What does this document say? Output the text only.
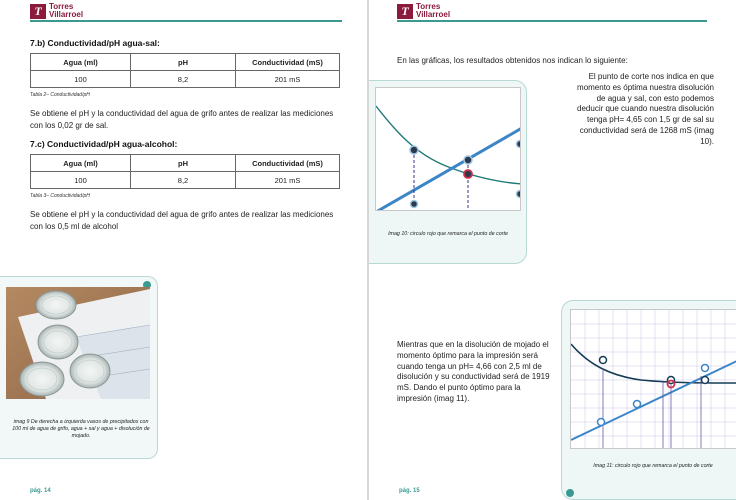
T Torres
Villarroel
7.b) Conductividad/pH agua-sal:
Agua (ml)	pH	Conductividad (mS)
100	8,2	201 mS
Tabla 2– Conductividad/pH
Se obtiene el pH y la conductividad del agua de grifo antes de realizar las mediciones con los 0,02 gr de sal.
7.c) Conductividad/pH agua-alcohol:
Agua (ml)	pH	Conductividad (mS)
100	8,2	201 mS
Tabla 3– Conductividad/pH
Se obtiene el pH y la conductividad del agua de grifo antes de realizar las mediciones con los 0,5 ml de alcohol
imag 9 De derecha a izquierda vasos de precipitados con 100 ml de agua de grifo, agua + sal y agua + disolución de mojado.
pág. 14
T Torres
Villarroel
En las gráficas, los resultados obtenidos nos indican lo siguiente:
Imag 10: circulo rojo que remarca el punto de corte
El punto de corte nos indica en que momento es óptima nuestra disolución de agua y sal, con esto podemos deducir que cuando nuestra disolución tenga pH= 4,65 con 1,5 gr de sal su conductividad será de 1268 mS (imag 10).
Mientras que en la disolución de mojado el momento óptimo para la impresión será cuando tenga un pH= 4,66 con 2,5 ml de disolución y su conductividad será de 1919 mS. Dando el punto óptimo para la impresión (imag 11).
Imag 11: circulo rojo que remarca el punto de corte
pág. 15
